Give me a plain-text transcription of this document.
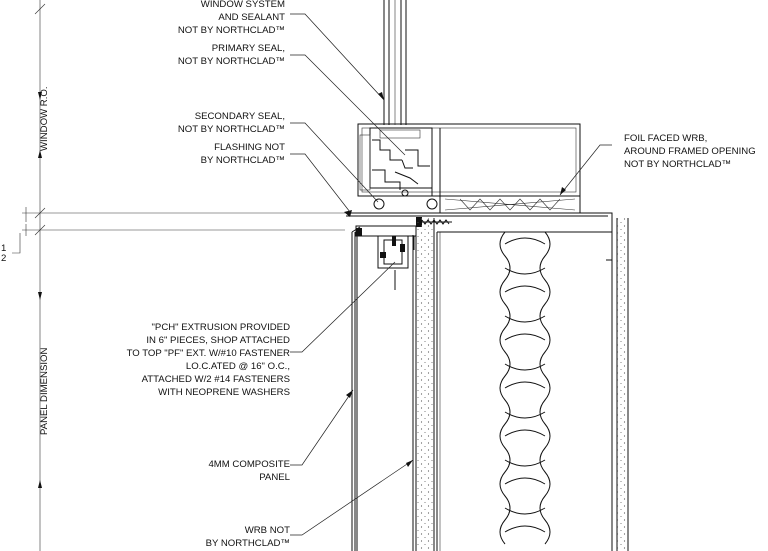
WINDOW R.O.
PANEL DIMENSION
1
2
WINDOW SYSTEM
AND SEALANT
NOT BY NORTHCLAD™
PRIMARY SEAL,
NOT BY NORTHCLAD™
SECONDARY SEAL,
NOT BY NORTHCLAD™
FLASHING NOT
BY NORTHCLAD™
FOIL FACED WRB,
AROUND FRAMED OPENING
NOT BY NORTHCLAD™
"PCH" EXTRUSION PROVIDED
IN 6" PIECES, SHOP ATTACHED
TO TOP "PF" EXT. W/#10 FASTENER
LO.C.ATED @ 16" O.C.,
ATTACHED W/2 #14 FASTENERS
WITH NEOPRENE WASHERS
4MM COMPOSITE
PANEL
WRB NOT
BY NORTHCLAD™
